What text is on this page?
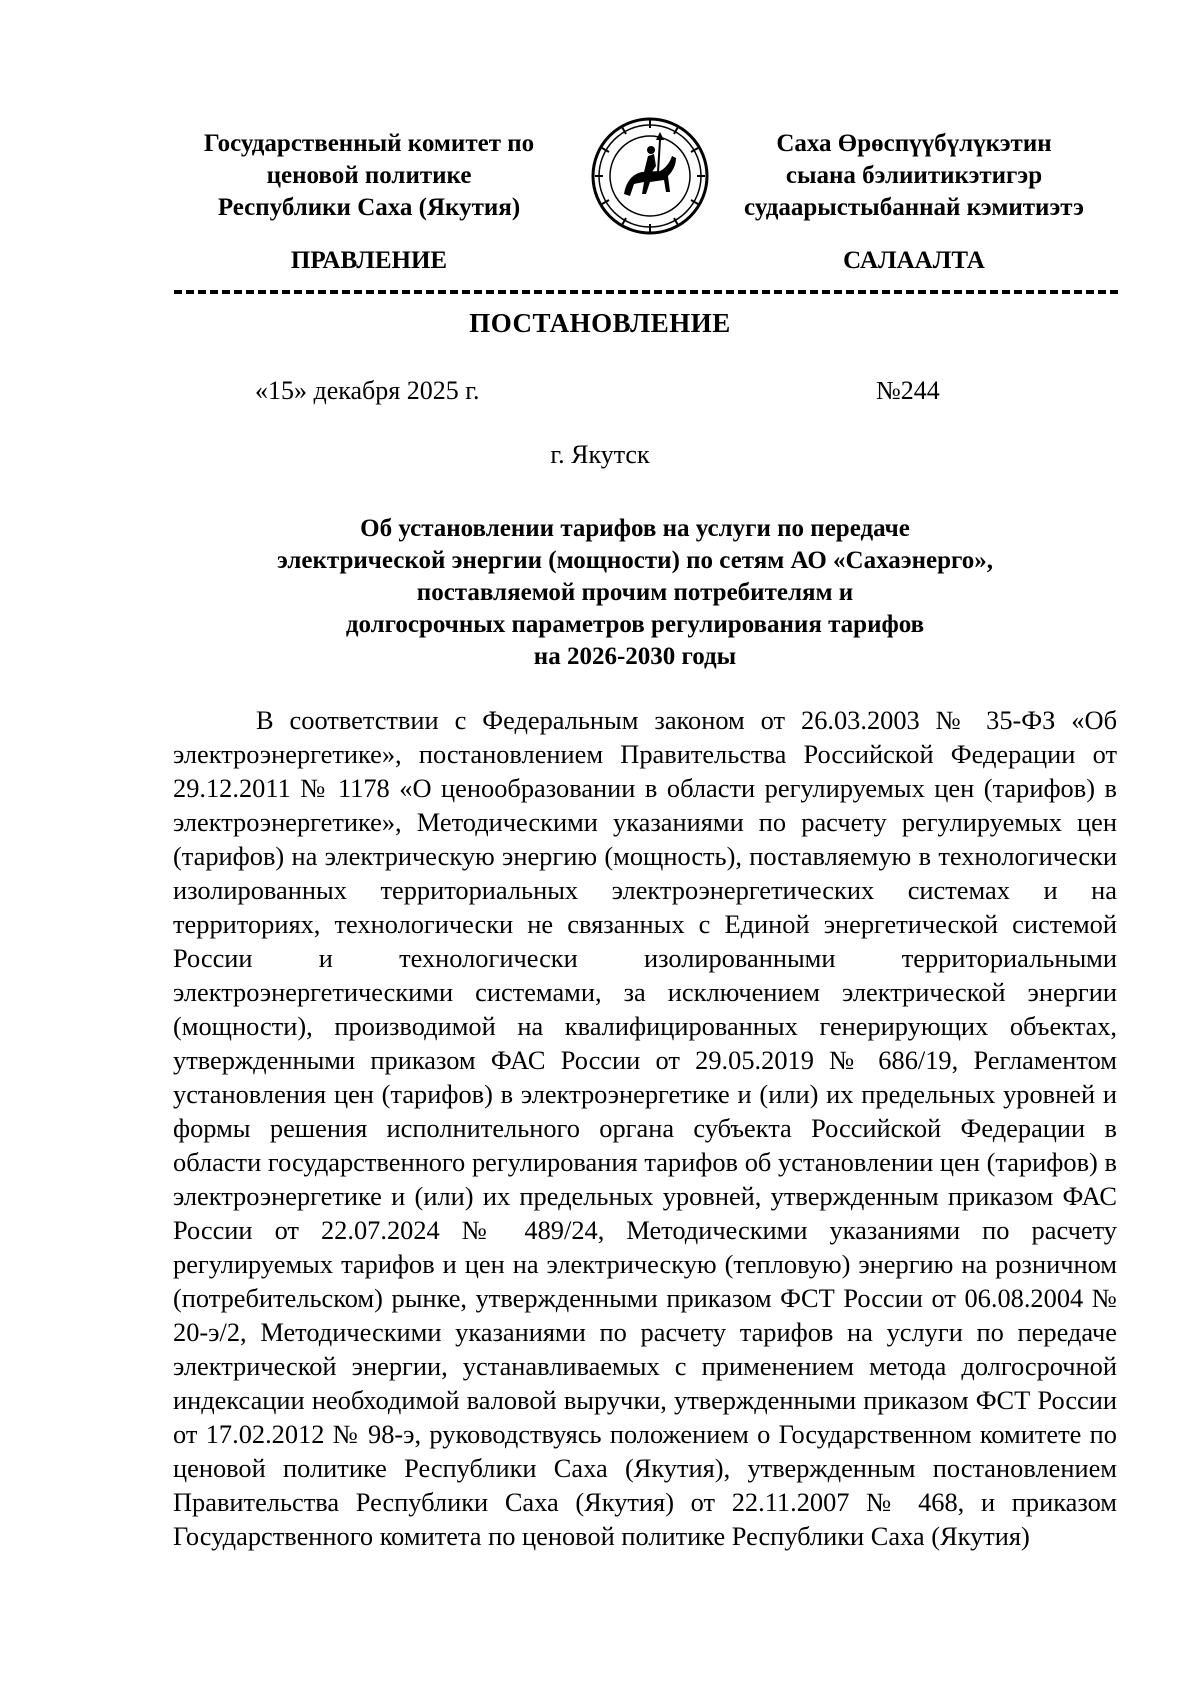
Государственный комитет по
ценовой политике
Республики Саха (Якутия)
Саха Өрөспүүбүлүкэтин
сыана бэлиитикэтигэр
судаарыстыбаннай кэмитиэтэ
ПРАВЛЕНИЕ	САЛААЛТА
ПОСТАНОВЛЕНИЕ
«15» декабря 2025 г.	№244
г. Якутск
Об установлении тарифов на услуги по передаче
электрической энергии (мощности) по сетям АО «Сахаэнерго»,
поставляемой прочим потребителям и
долгосрочных параметров регулирования тарифов
на 2026-2030 годы

В соответствии с Федеральным законом от 26.03.2003 № 35-ФЗ «Об электроэнергетике», постановлением Правительства Российской Федерации от 29.12.2011 № 1178 «О ценообразовании в области регулируемых цен (тарифов) в электроэнергетике», Методическими указаниями по расчету регулируемых цен (тарифов) на электрическую энергию (мощность), поставляемую в технологически изолированных территориальных электроэнергетических системах и на территориях, технологически не связанных с Единой энергетической системой России и технологически изолированными территориальными электроэнергетическими системами, за исключением электрической энергии (мощности), производимой на квалифицированных генерирующих объектах, утвержденными приказом ФАС России от 29.05.2019 № 686/19, Регламентом установления цен (тарифов) в электроэнергетике и (или) их предельных уровней и формы решения исполнительного органа субъекта Российской Федерации в области государственного регулирования тарифов об установлении цен (тарифов) в электроэнергетике и (или) их предельных уровней, утвержденным приказом ФАС России от 22.07.2024 № 489/24, Методическими указаниями по расчету регулируемых тарифов и цен на электрическую (тепловую) энергию на розничном (потребительском) рынке, утвержденными приказом ФСТ России от 06.08.2004 № 20-э/2, Методическими указаниями по расчету тарифов на услуги по передаче электрической энергии, устанавливаемых с применением метода долгосрочной индексации необходимой валовой выручки, утвержденными приказом ФСТ России от 17.02.2012 № 98-э, руководствуясь положением о Государственном комитете по ценовой политике Республики Саха (Якутия), утвержденным постановлением Правительства Республики Саха (Якутия) от 22.11.2007 № 468, и приказом Государственного комитета по ценовой политике Республики Саха (Якутия)
